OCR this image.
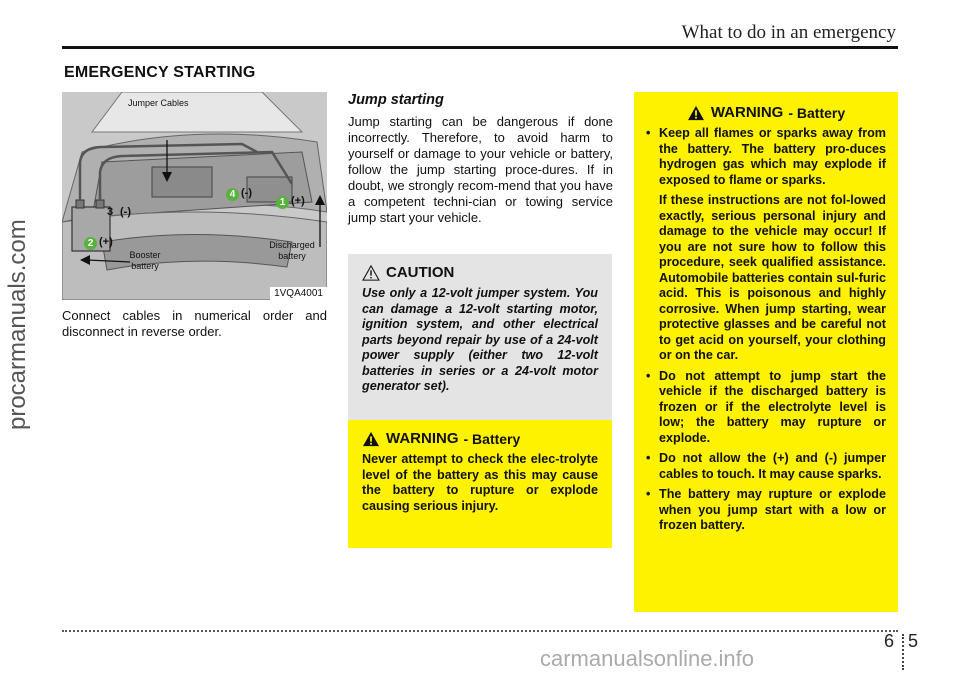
What to do in an emergency
EMERGENCY STARTING
procarmanuals.com
Jumper Cables
Booster battery
Discharged battery
1 (+)
2 (+)
3 (-)
4 (-)
1VQA4001
Connect cables in numerical order and disconnect in reverse order.
Jump starting

Jump starting can be dangerous if done incorrectly. Therefore, to avoid harm to yourself or damage to your vehicle or battery, follow the jump starting proce-dures. If in doubt, we strongly recom-mend that you have a competent techni-cian or towing service jump start your vehicle.

CAUTION

Use only a 12-volt jumper system. You can damage a 12-volt starting motor, ignition system, and other electrical parts beyond repair by use of a 24-volt power supply (either two 12-volt batteries in series or a 24-volt motor generator set).

WARNING - Battery

Never attempt to check the elec-trolyte level of the battery as this may cause the battery to rupture or explode causing serious injury.

WARNING - Battery
• Keep all flames or sparks away from the battery. The battery pro-duces hydrogen gas which may explode if exposed to flame or sparks.

If these instructions are not fol-lowed exactly, serious personal injury and damage to the vehicle may occur! If you are not sure how to follow this procedure, seek qualified assistance. Automobile batteries contain sul-furic acid. This is poisonous and highly corrosive. When jump starting, wear protective glasses and be careful not to get acid on yourself, your clothing or on the car.

• Do not attempt to jump start the vehicle if the discharged battery is frozen or if the electrolyte level is low; the battery may rupture or explode.
• Do not allow the (+) and (-) jumper cables to touch. It may cause sparks.
• The battery may rupture or explode when you jump start with a low or frozen battery.
6 5
carmanualsonline.info
